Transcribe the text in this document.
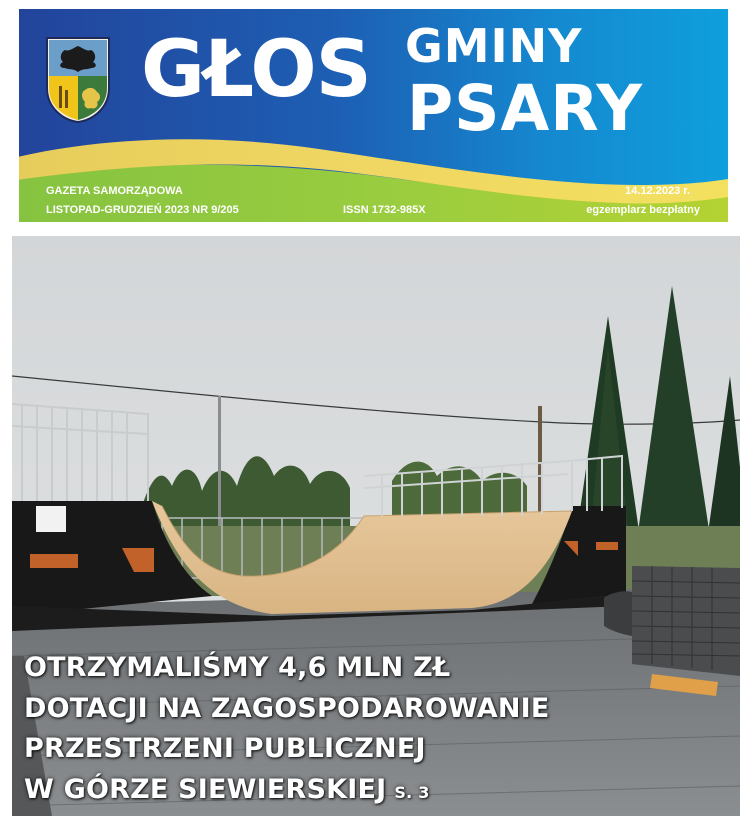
GŁOS GMINY
PSARY
GAZETA SAMORZĄDOWA
LISTOPAD-GRUDZIEŃ 2023 NR 9/205	ISSN 1732-985X
14.12.2023 r.
egzemplarz bezpłatny
OTRZYMALIŚMY 4,6 MLN ZŁ
DOTACJI NA ZAGOSPODAROWANIE
PRZESTRZENI PUBLICZNEJ
W GÓRZE SIEWIERSKIEJ S. 3
